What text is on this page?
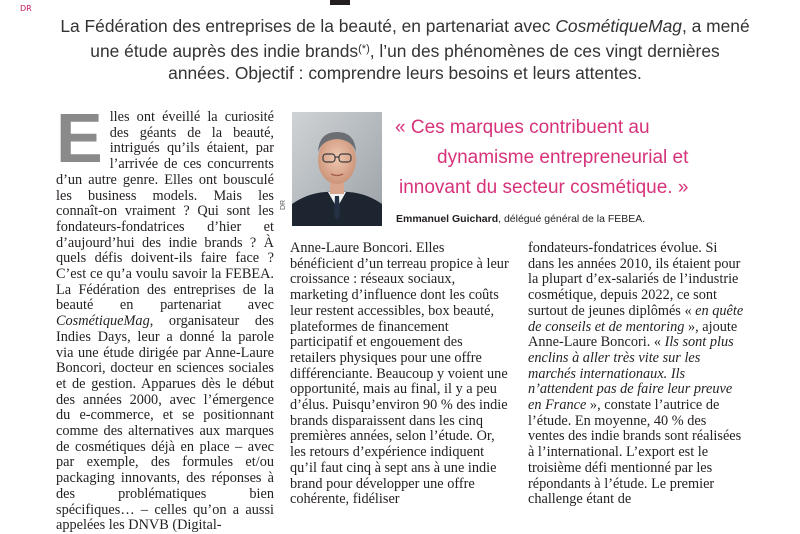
DR
La Fédération des entreprises de la beauté, en partenariat avec CosmétiqueMag, a mené une étude auprès des indie brands(*), l’un des phénomènes de ces vingt dernières années. Objectif : comprendre leurs besoins et leurs attentes.

Elles ont éveillé la curiosité des géants de la beauté, intrigués qu’ils étaient, par l’arrivée de ces concurrents d’un autre genre. Elles ont bousculé les business models. Mais les connaît-on vraiment ? Qui sont les fondateurs-fondatrices d’hier et d’aujourd’hui des indie brands ? À quels défis doivent-ils faire face ? C’est ce qu’a voulu savoir la FEBEA. La Fédération des entreprises de la beauté en partenariat avec CosmétiqueMag, organisateur des Indies Days, leur a donné la parole via une étude dirigée par Anne-Laure Boncori, docteur en sciences sociales et de gestion. Apparues dès le début des années 2000, avec l’émergence du e-commerce, et se positionnant comme des alternatives aux marques de cosmétiques déjà en place – avec par exemple, des formules et/ou packaging innovants, des réponses à des problématiques bien spécifiques… – celles qu’on a aussi appelées les DNVB (Digital-

DR
« Ces marques contribuent au
dynamisme entrepreneurial et
innovant du secteur cosmétique. »
Emmanuel Guichard, délégué général de la FEBEA.

Anne-Laure Boncori. Elles bénéficient d’un terreau propice à leur croissance : réseaux sociaux, marketing d’influence dont les coûts leur restent accessibles, box beauté, plateformes de financement participatif et engouement des retailers physiques pour une offre différenciante. Beaucoup y voient une opportunité, mais au final, il y a peu d’élus. Puisqu’environ 90 % des indie brands disparaissent dans les cinq premières années, selon l’étude. Or, les retours d’expérience indiquent qu’il faut cinq à sept ans à une indie brand pour développer une offre cohérente, fidéliser

fondateurs-fondatrices évolue. Si dans les années 2010, ils étaient pour la plupart d’ex-salariés de l’industrie cosmétique, depuis 2022, ce sont surtout de jeunes diplômés « en quête de conseils et de mentoring », ajoute Anne-Laure Boncori. « Ils sont plus enclins à aller très vite sur les marchés internationaux. Ils n’attendent pas de faire leur preuve en France », constate l’autrice de l’étude. En moyenne, 40 % des ventes des indie brands sont réalisées à l’international. L’export est le troisième défi mentionné par les répondants à l’étude. Le premier challenge étant de
